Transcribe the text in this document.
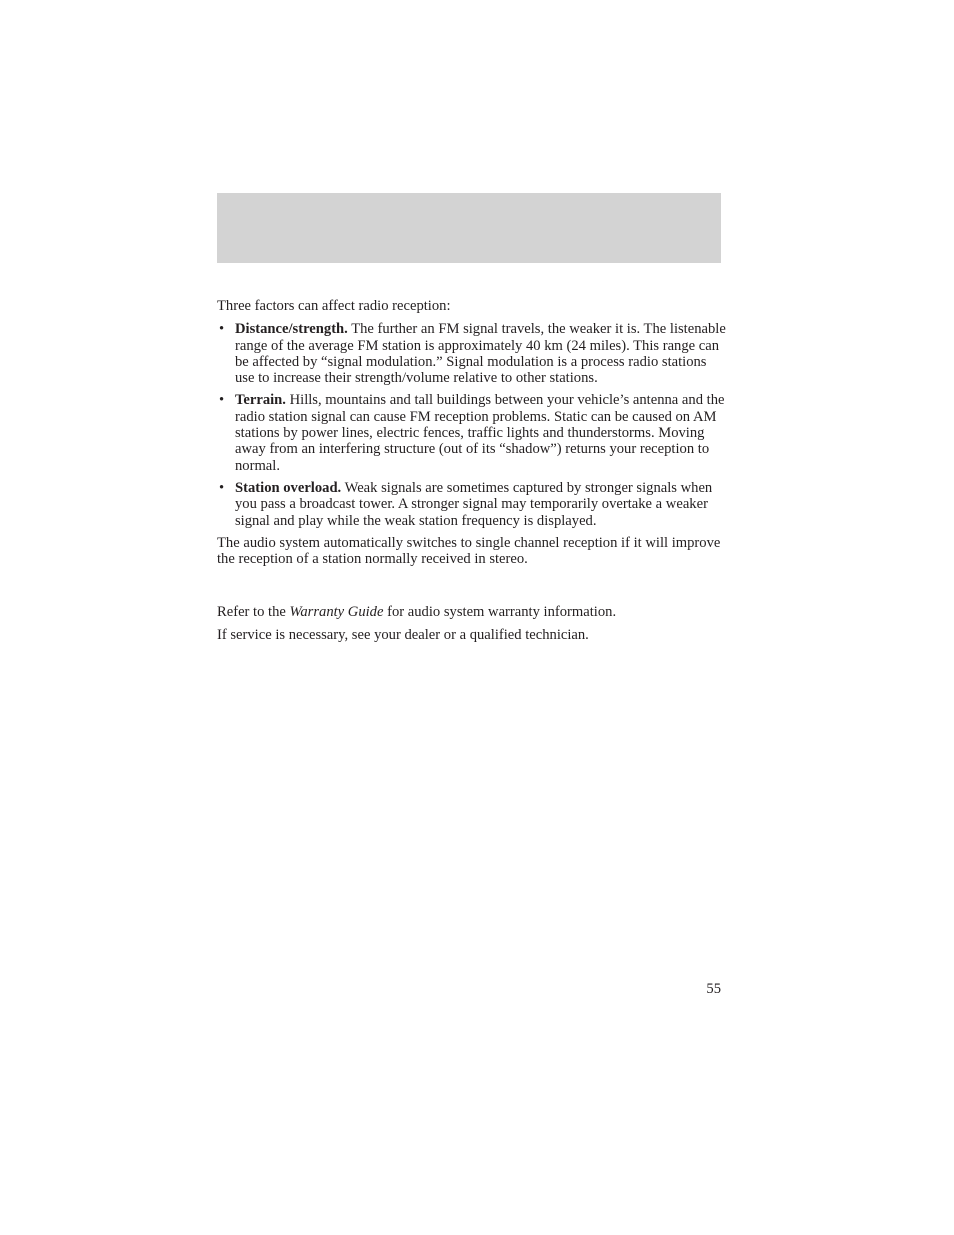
Three factors can affect radio reception:

• Distance/strength. The further an FM signal travels, the weaker it is. The listenable range of the average FM station is approximately 40 km (24 miles). This range can be affected by “signal modulation.” Signal modulation is a process radio stations use to increase their strength/volume relative to other stations.
• Terrain. Hills, mountains and tall buildings between your vehicle’s antenna and the radio station signal can cause FM reception problems. Static can be caused on AM stations by power lines, electric fences, traffic lights and thunderstorms. Moving away from an interfering structure (out of its “shadow”) returns your reception to normal.
• Station overload. Weak signals are sometimes captured by stronger signals when you pass a broadcast tower. A stronger signal may temporarily overtake a weaker signal and play while the weak station frequency is displayed.

The audio system automatically switches to single channel reception if it will improve the reception of a station normally received in stereo.

Refer to the Warranty Guide for audio system warranty information.

If service is necessary, see your dealer or a qualified technician.

55
